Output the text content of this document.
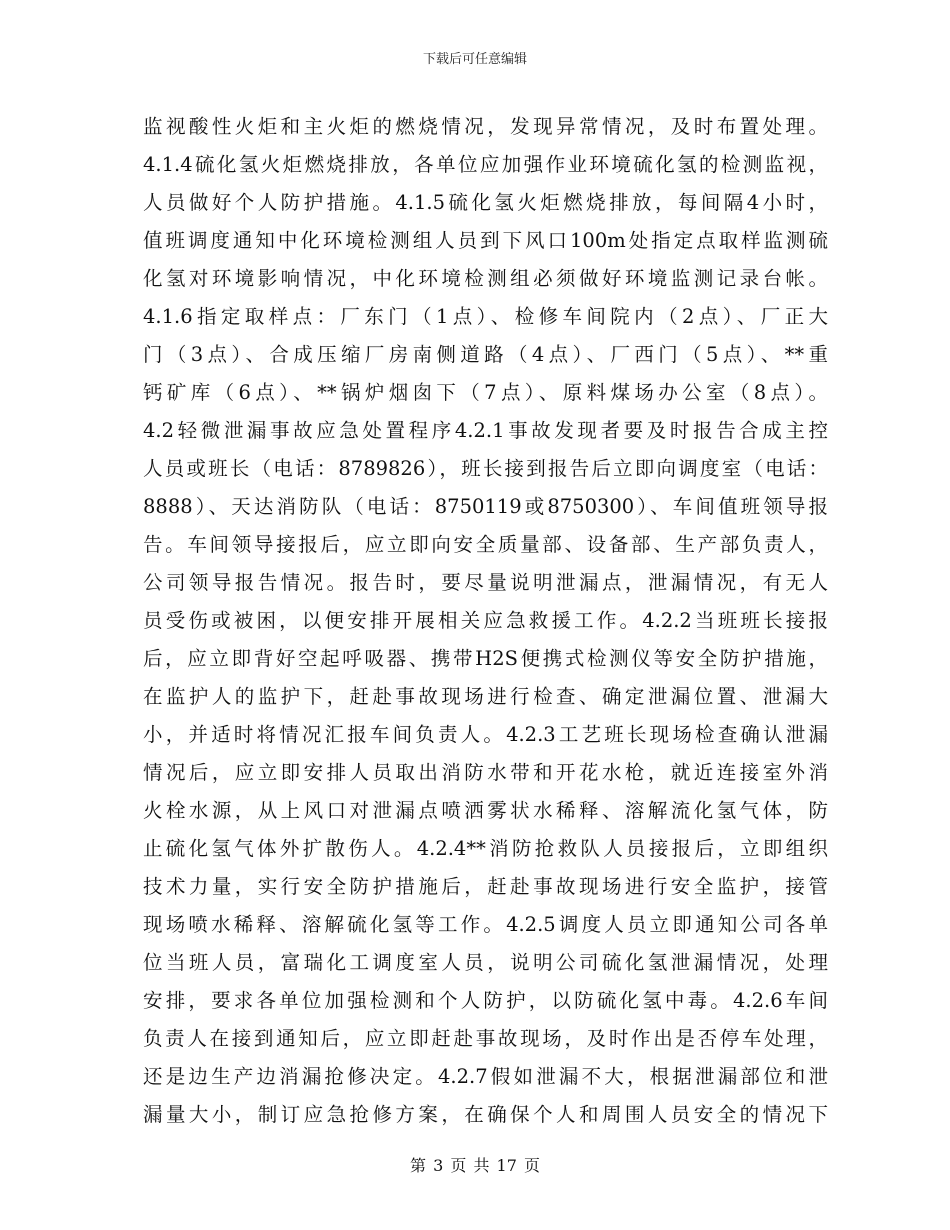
下载后可任意编辑
监视酸性火炬和主火炬的燃烧情况，发现异常情况，及时布置处理。
4.1.4硫化氢火炬燃烧排放，各单位应加强作业环境硫化氢的检测监视，
人员做好个人防护措施。4.1.5硫化氢火炬燃烧排放，每间隔4小时，
值班调度通知中化环境检测组人员到下风口100m处指定点取样监测硫
化氢对环境影响情况，中化环境检测组必须做好环境监测记录台帐。
4.1.6指定取样点：厂东门（1点）、检修车间院内（2点）、厂正大
门（3点）、合成压缩厂房南侧道路（4点）、厂西门（5点）、**重
钙矿库（6点）、**锅炉烟囱下（7点）、原料煤场办公室（8点）。
4.2轻微泄漏事故应急处置程序4.2.1事故发现者要及时报告合成主控
人员或班长（电话：8789826），班长接到报告后立即向调度室（电话：
8888）、天达消防队（电话：8750119或8750300）、车间值班领导报
告。车间领导接报后，应立即向安全质量部、设备部、生产部负责人，
公司领导报告情况。报告时，要尽量说明泄漏点，泄漏情况，有无人
员受伤或被困，以便安排开展相关应急救援工作。4.2.2当班班长接报
后，应立即背好空起呼吸器、携带H2S便携式检测仪等安全防护措施，
在监护人的监护下，赶赴事故现场进行检查、确定泄漏位置、泄漏大
小，并适时将情况汇报车间负责人。4.2.3工艺班长现场检查确认泄漏
情况后，应立即安排人员取出消防水带和开花水枪，就近连接室外消
火栓水源，从上风口对泄漏点喷洒雾状水稀释、溶解流化氢气体，防
止硫化氢气体外扩散伤人。4.2.4**消防抢救队人员接报后，立即组织
技术力量，实行安全防护措施后，赶赴事故现场进行安全监护，接管
现场喷水稀释、溶解硫化氢等工作。4.2.5调度人员立即通知公司各单
位当班人员，富瑞化工调度室人员，说明公司硫化氢泄漏情况，处理
安排，要求各单位加强检测和个人防护，以防硫化氢中毒。4.2.6车间
负责人在接到通知后，应立即赶赴事故现场，及时作出是否停车处理，
还是边生产边消漏抢修决定。4.2.7假如泄漏不大，根据泄漏部位和泄
漏量大小，制订应急抢修方案，在确保个人和周围人员安全的情况下
第 3 页 共 17 页
